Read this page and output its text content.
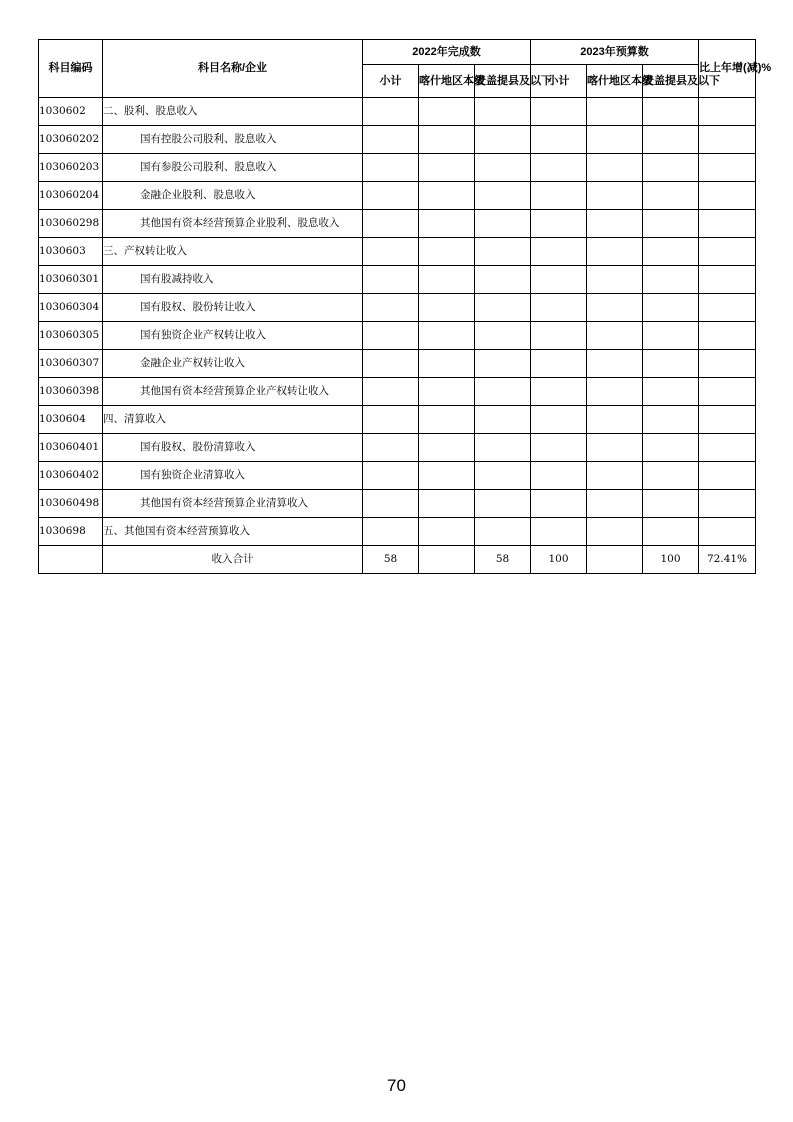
科目编码	科目名称/企业	2022年完成数			2023年预算数			比上年增(减)%
		小计	喀什地区本级	麦盖提县及以下	小计	喀什地区本级	麦盖提县及以下	
1030602	二、股利、股息收入							
103060202	国有控股公司股利、股息收入							
103060203	国有参股公司股利、股息收入							
103060204	金融企业股利、股息收入							
103060298	其他国有资本经营预算企业股利、股息收入							
1030603	三、产权转让收入							
103060301	国有股减持收入							
103060304	国有股权、股份转让收入							
103060305	国有独资企业产权转让收入							
103060307	金融企业产权转让收入							
103060398	其他国有资本经营预算企业产权转让收入							
1030604	四、清算收入							
103060401	国有股权、股份清算收入							
103060402	国有独资企业清算收入							
103060498	其他国有资本经营预算企业清算收入							
1030698	五、其他国有资本经营预算收入							
	收入合计	58		58	100		100	72.41%
70
